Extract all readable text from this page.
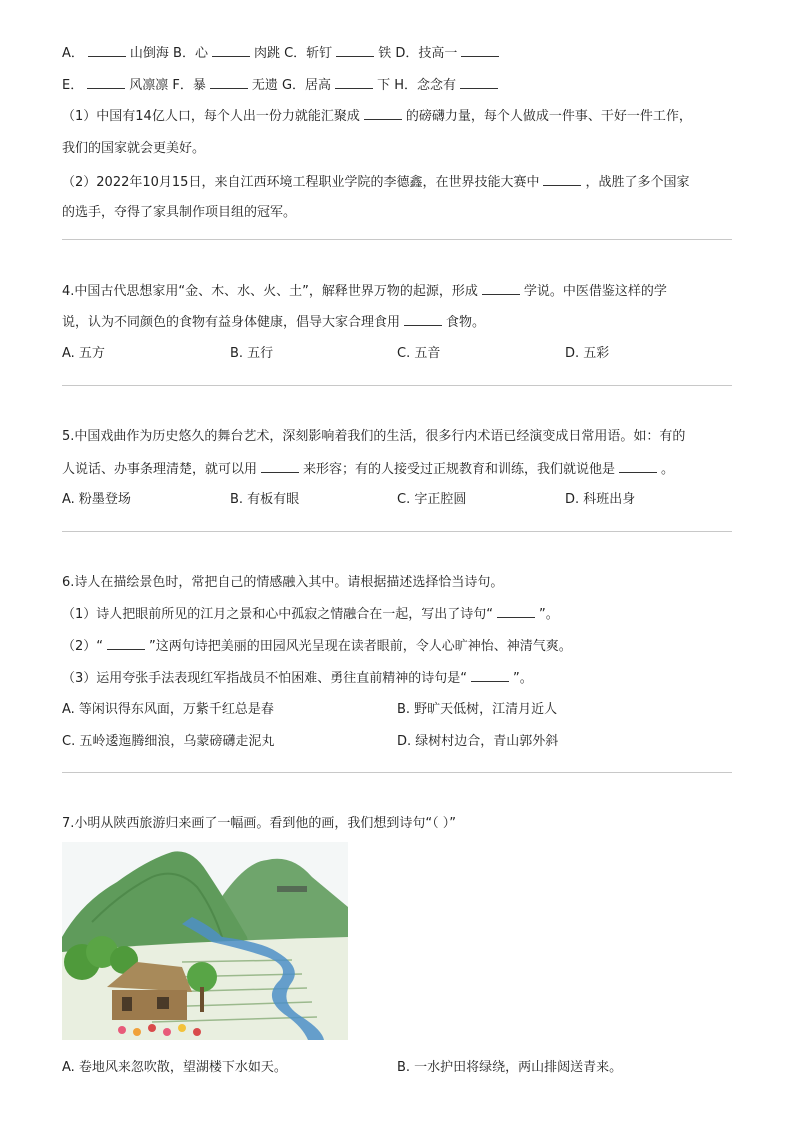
A．	山倒海 B．心	肉跳 C．斩钉	铁 D．技高一
E．	风凛凛 F．暴	无遗 G．居高	下 H．念念有
（1）中国有14亿人口，每个人出一份力就能汇聚成	的磅礴力量，每个人做成一件事、干好一件工作，
我们的国家就会更美好。
（2）2022年10月15日，来自江西环境工程职业学院的李德鑫，在世界技能大赛中	，战胜了多个国家
的选手，夺得了家具制作项目组的冠军。
4.中国古代思想家用“金、木、水、火、土”，解释世界万物的起源，形成	学说。中医借鉴这样的学
说，认为不同颜色的食物有益身体健康，倡导大家合理食用	食物。
A. 五方	B. 五行	C. 五音	D. 五彩
5.中国戏曲作为历史悠久的舞台艺术，深刻影响着我们的生活，很多行内术语已经演变成日常用语。如：有的
人说话、办事条理清楚，就可以用	来形容；有的人接受过正规教育和训练，我们就说他是	。
A. 粉墨登场	B. 有板有眼	C. 字正腔圆	D. 科班出身
6.诗人在描绘景色时，常把自己的情感融入其中。请根据描述选择恰当诗句。
（1）诗人把眼前所见的江月之景和心中孤寂之情融合在一起，写出了诗句“	”。
（2）“	”这两句诗把美丽的田园风光呈现在读者眼前，令人心旷神怡、神清气爽。
（3）运用夸张手法表现红军指战员不怕困难、勇往直前精神的诗句是“	”。
A. 等闲识得东风面，万紫千红总是春	B. 野旷天低树，江清月近人
C. 五岭逶迤腾细浪，乌蒙磅礴走泥丸	D. 绿树村边合，青山郭外斜
7.小明从陕西旅游归来画了一幅画。看到他的画，我们想到诗句“（ ）”
A. 卷地风来忽吹散，望湖楼下水如天。	B. 一水护田将绿绕，两山排闼送青来。
